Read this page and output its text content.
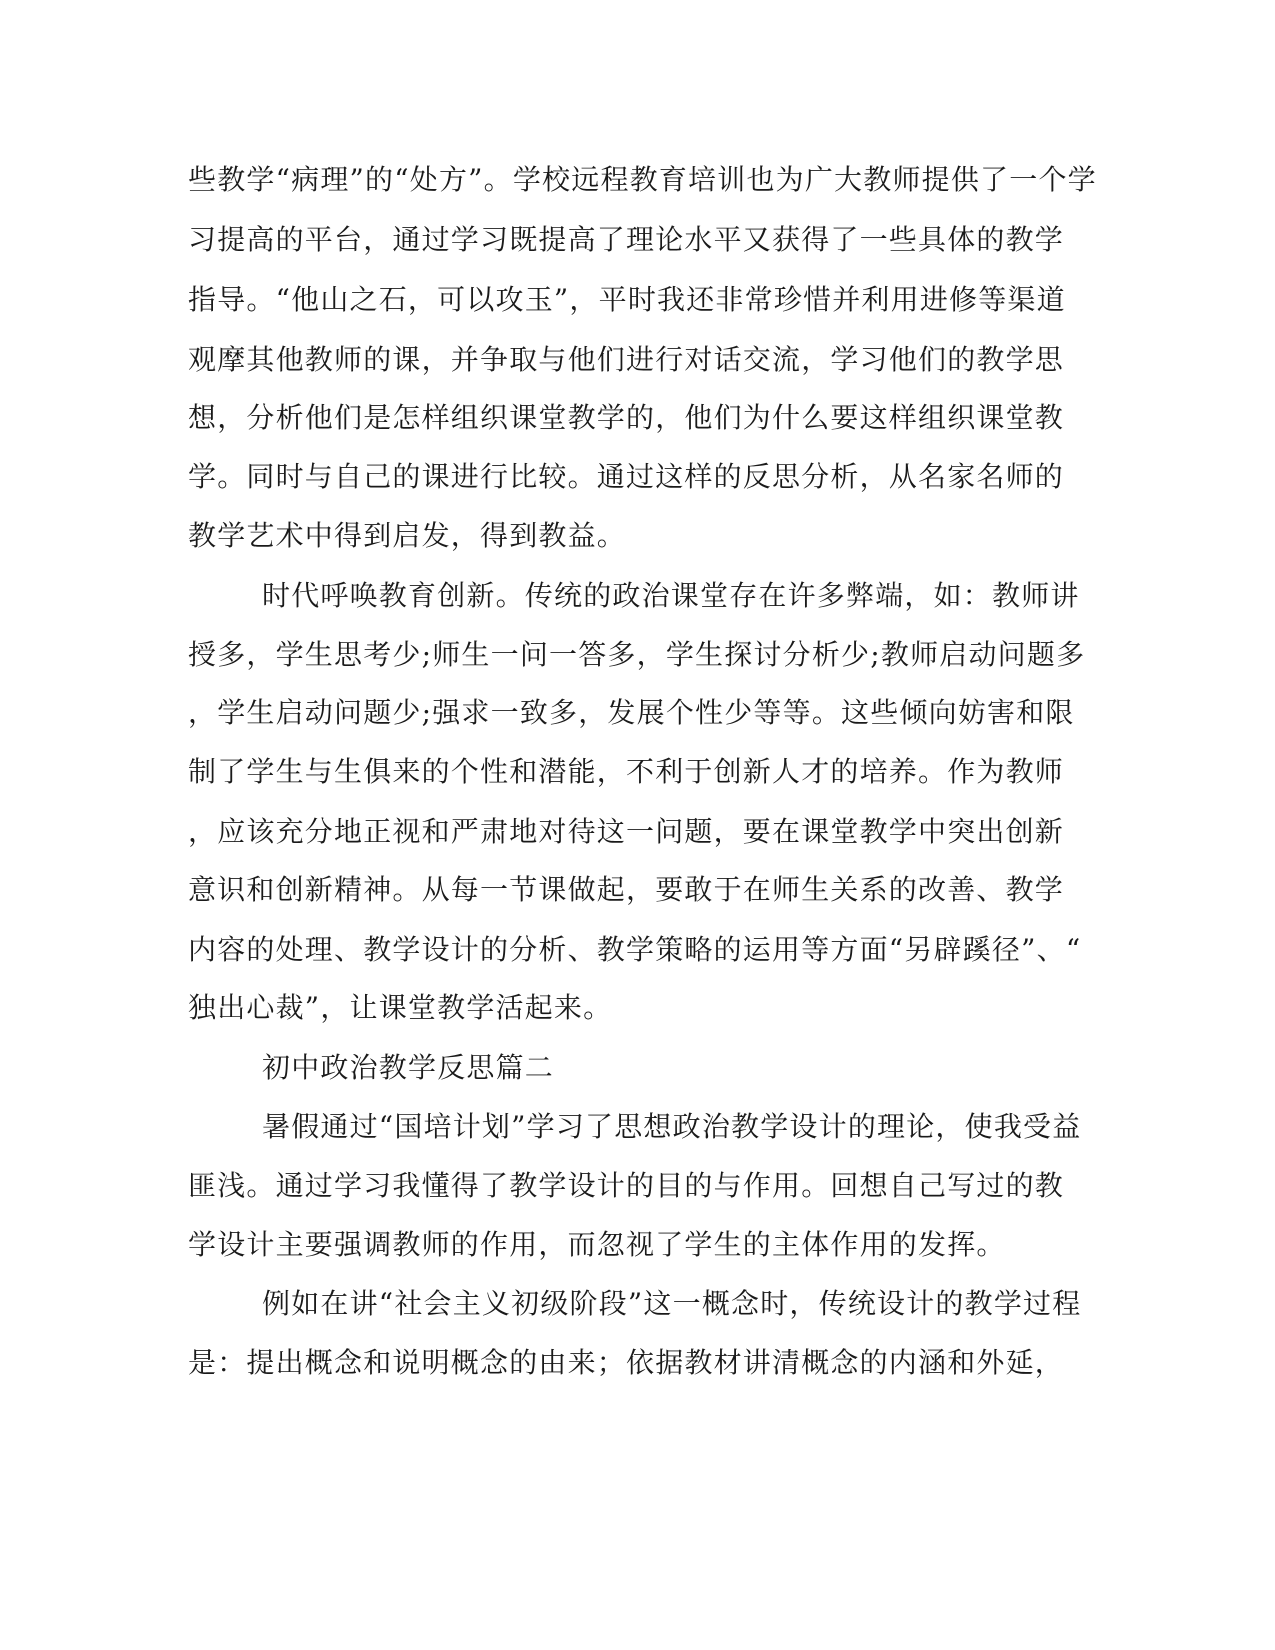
些教学“病理”的“处方”。学校远程教育培训也为广大教师提供了一个学
习提高的平台，通过学习既提高了理论水平又获得了一些具体的教学
指导。“他山之石，可以攻玉”，平时我还非常珍惜并利用进修等渠道
观摩其他教师的课，并争取与他们进行对话交流，学习他们的教学思
想，分析他们是怎样组织课堂教学的，他们为什么要这样组织课堂教
学。同时与自己的课进行比较。通过这样的反思分析，从名家名师的
教学艺术中得到启发，得到教益。
时代呼唤教育创新。传统的政治课堂存在许多弊端，如：教师讲
授多，学生思考少;师生一问一答多，学生探讨分析少;教师启动问题多
，学生启动问题少;强求一致多，发展个性少等等。这些倾向妨害和限
制了学生与生俱来的个性和潜能，不利于创新人才的培养。作为教师
，应该充分地正视和严肃地对待这一问题，要在课堂教学中突出创新
意识和创新精神。从每一节课做起，要敢于在师生关系的改善、教学
内容的处理、教学设计的分析、教学策略的运用等方面“另辟蹊径”、“
独出心裁”，让课堂教学活起来。
初中政治教学反思篇二
暑假通过“国培计划”学习了思想政治教学设计的理论，使我受益
匪浅。通过学习我懂得了教学设计的目的与作用。回想自己写过的教
学设计主要强调教师的作用，而忽视了学生的主体作用的发挥。
例如在讲“社会主义初级阶段”这一概念时，传统设计的教学过程
是：提出概念和说明概念的由来；依据教材讲清概念的内涵和外延，
